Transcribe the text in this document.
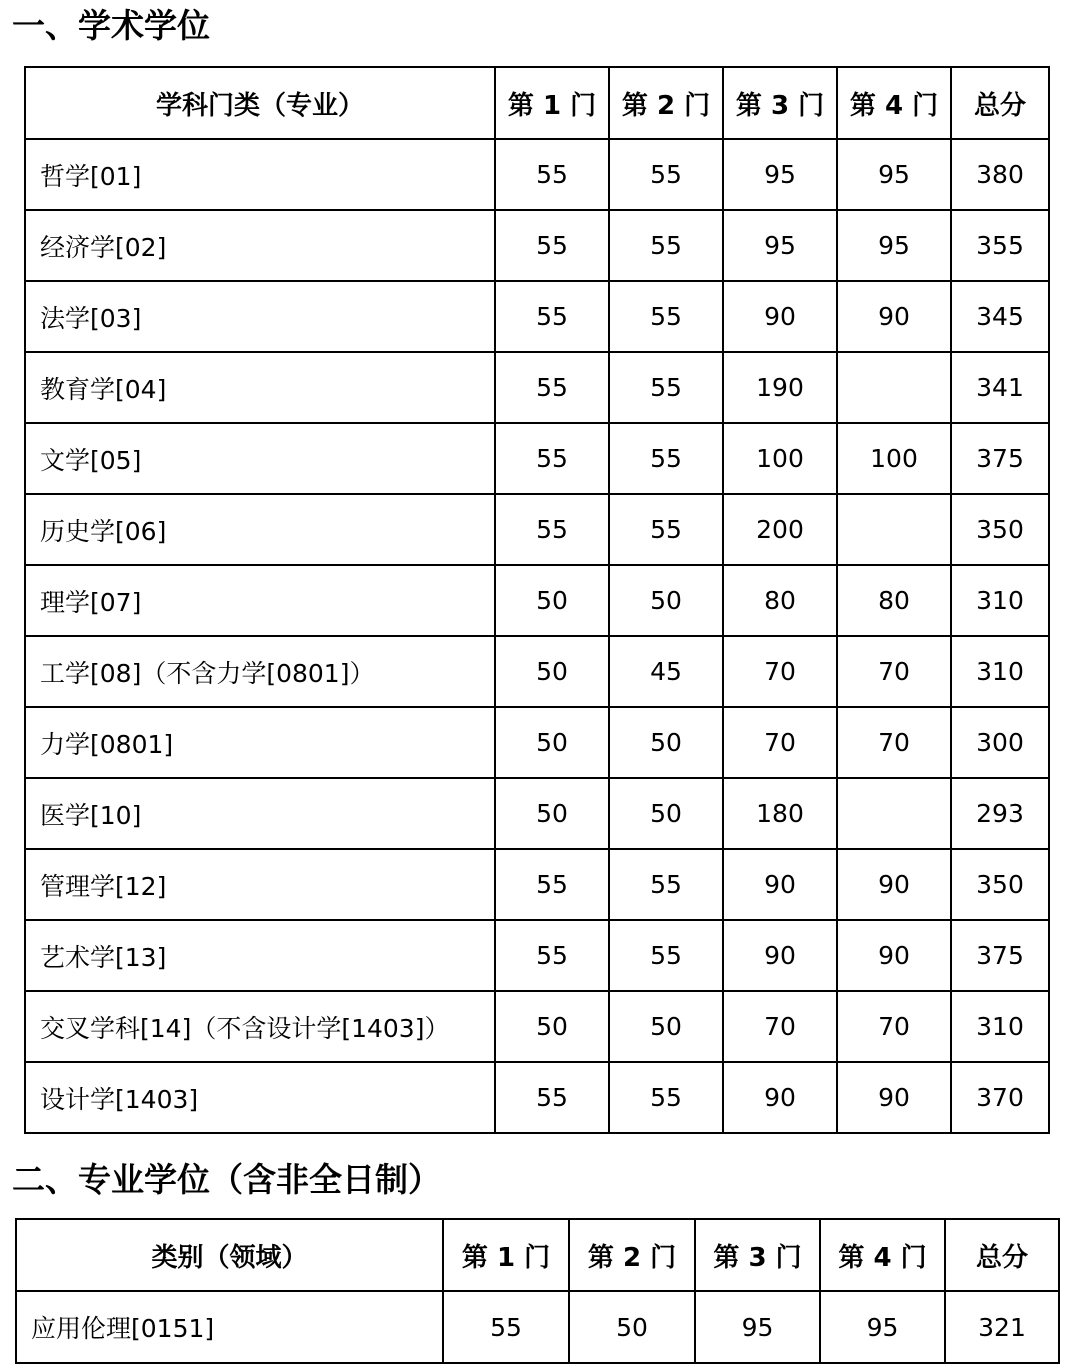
一、学术学位
学科门类（专业）	第 1 门	第 2 门	第 3 门	第 4 门	总分
哲学[01]	55	55	95	95	380
经济学[02]	55	55	95	95	355
法学[03]	55	55	90	90	345
教育学[04]	55	55	190		341
文学[05]	55	55	100	100	375
历史学[06]	55	55	200		350
理学[07]	50	50	80	80	310
工学[08]（不含力学[0801]）	50	45	70	70	310
力学[0801]	50	50	70	70	300
医学[10]	50	50	180		293
管理学[12]	55	55	90	90	350
艺术学[13]	55	55	90	90	375
交叉学科[14]（不含设计学[1403]）	50	50	70	70	310
设计学[1403]	55	55	90	90	370
二、专业学位（含非全日制）
类别（领域）	第 1 门	第 2 门	第 3 门	第 4 门	总分
应用伦理[0151]	55	50	95	95	321
